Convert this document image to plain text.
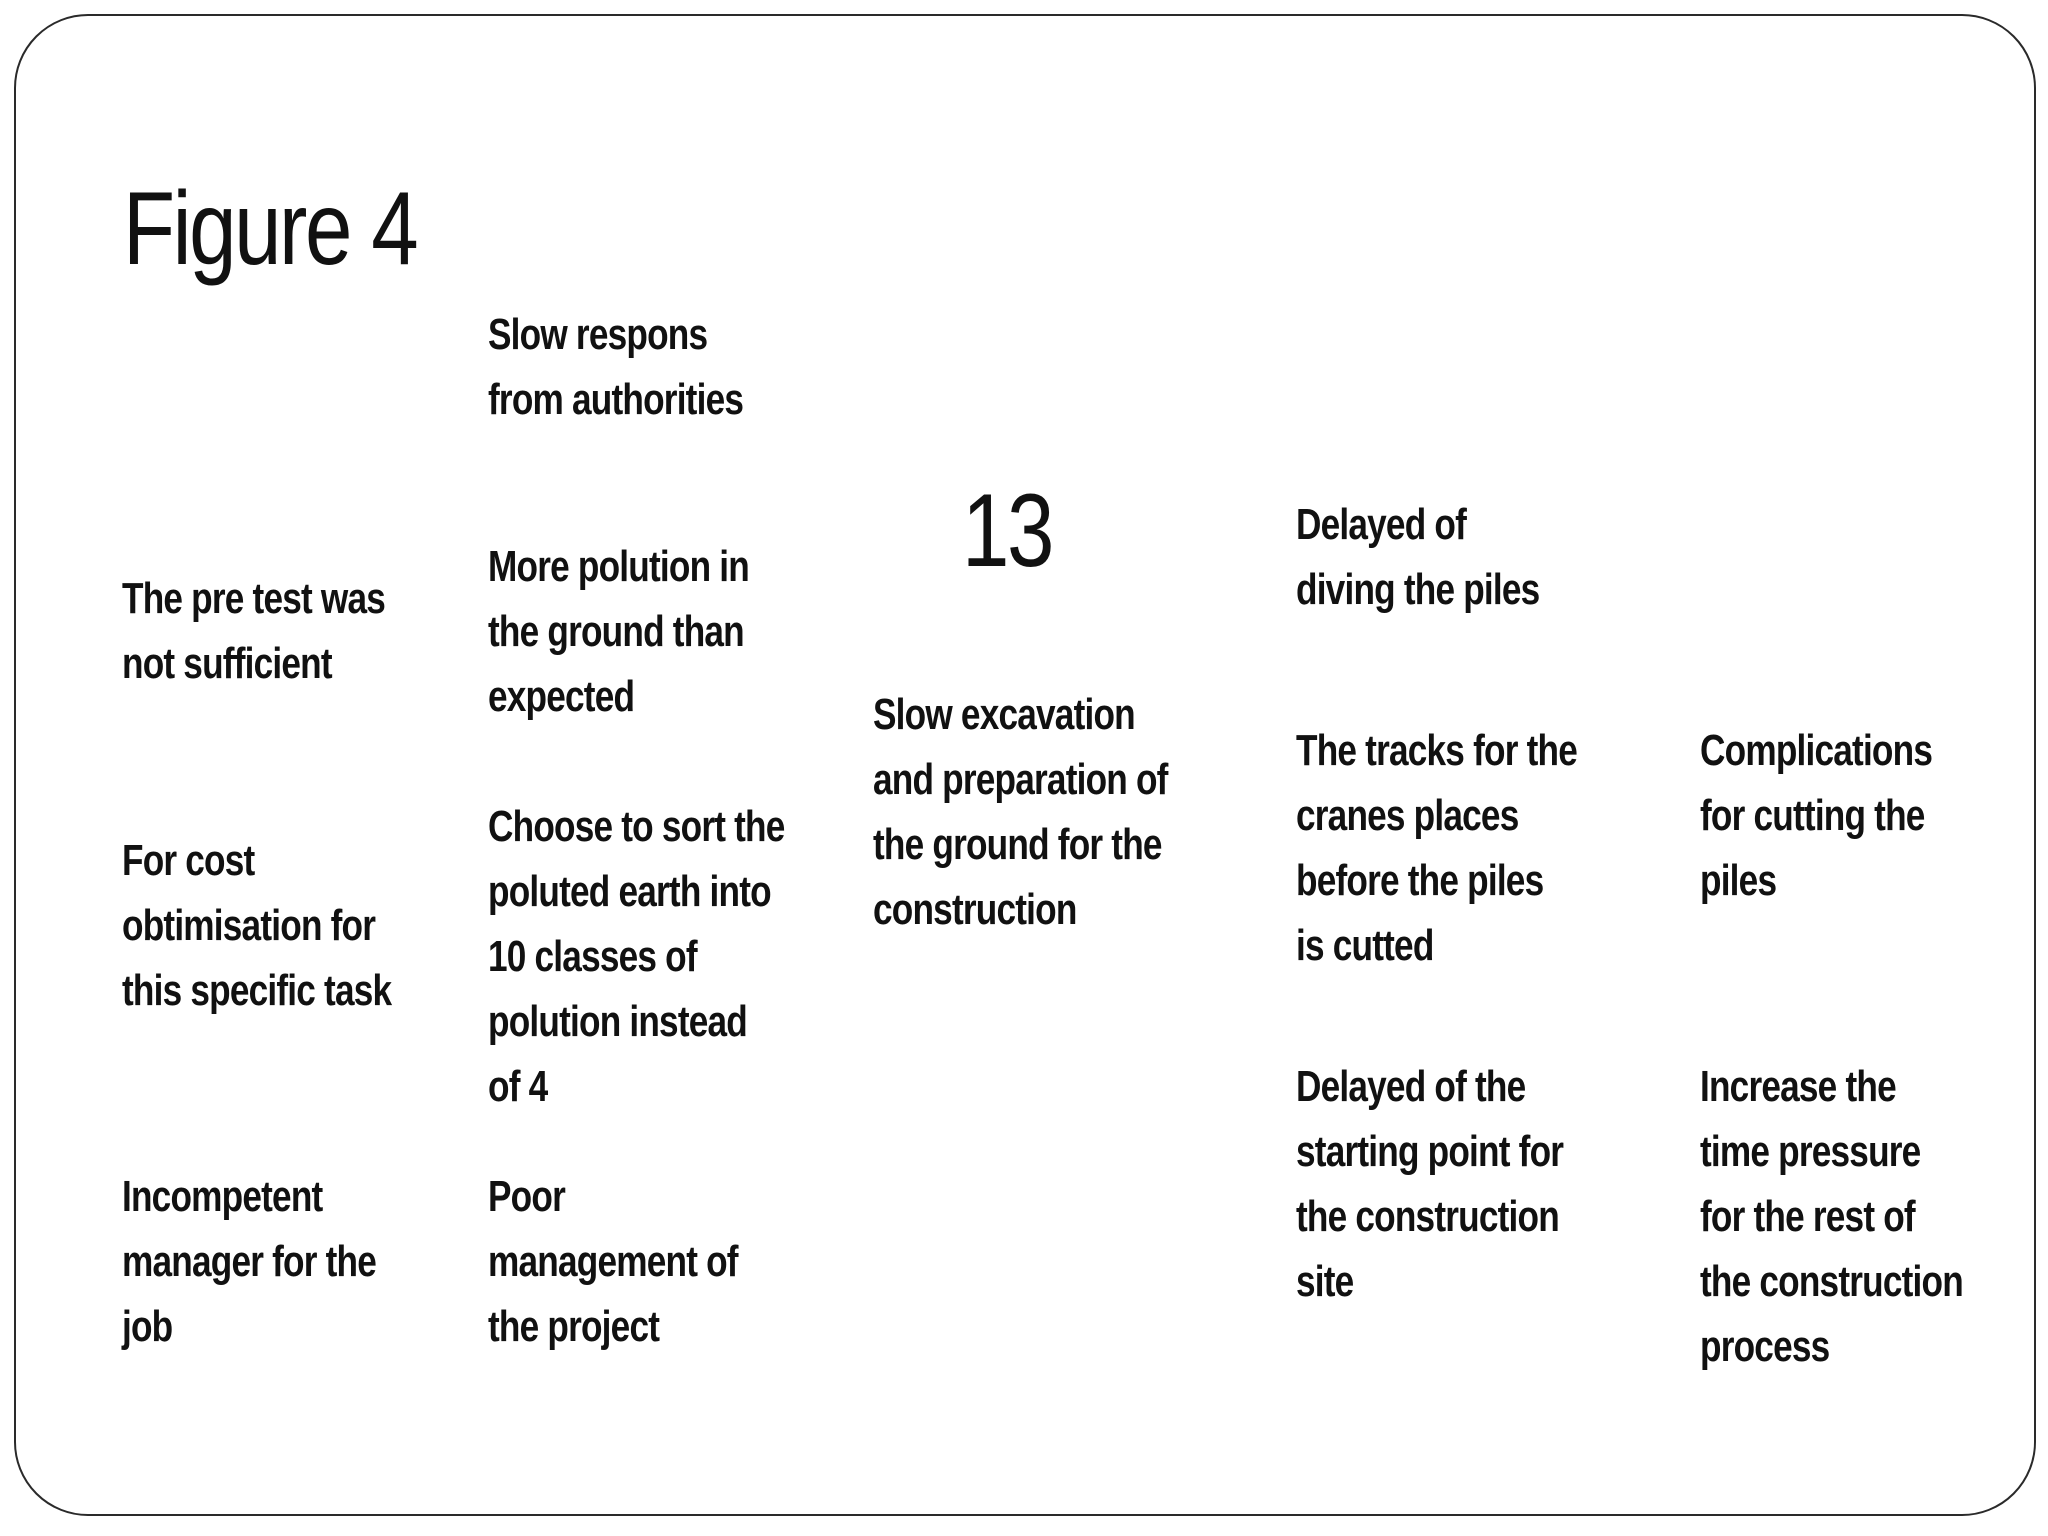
Figure 4
13
Slow respons
from authorities
The pre test was
not sufficient
More polution in
the ground than
expected
For cost
obtimisation for
this specific task
Choose to sort the
poluted earth into
10 classes of
polution instead
of 4
Incompetent
manager for the
job
Poor
management of
the project
Slow excavation
and preparation of
the ground for the
construction
Delayed of
diving the piles
The tracks for the
cranes places
before the piles
is cutted
Complications
for cutting the
piles
Delayed of the
starting point for
the construction
site
Increase the
time pressure
for the rest of
the construction
process
